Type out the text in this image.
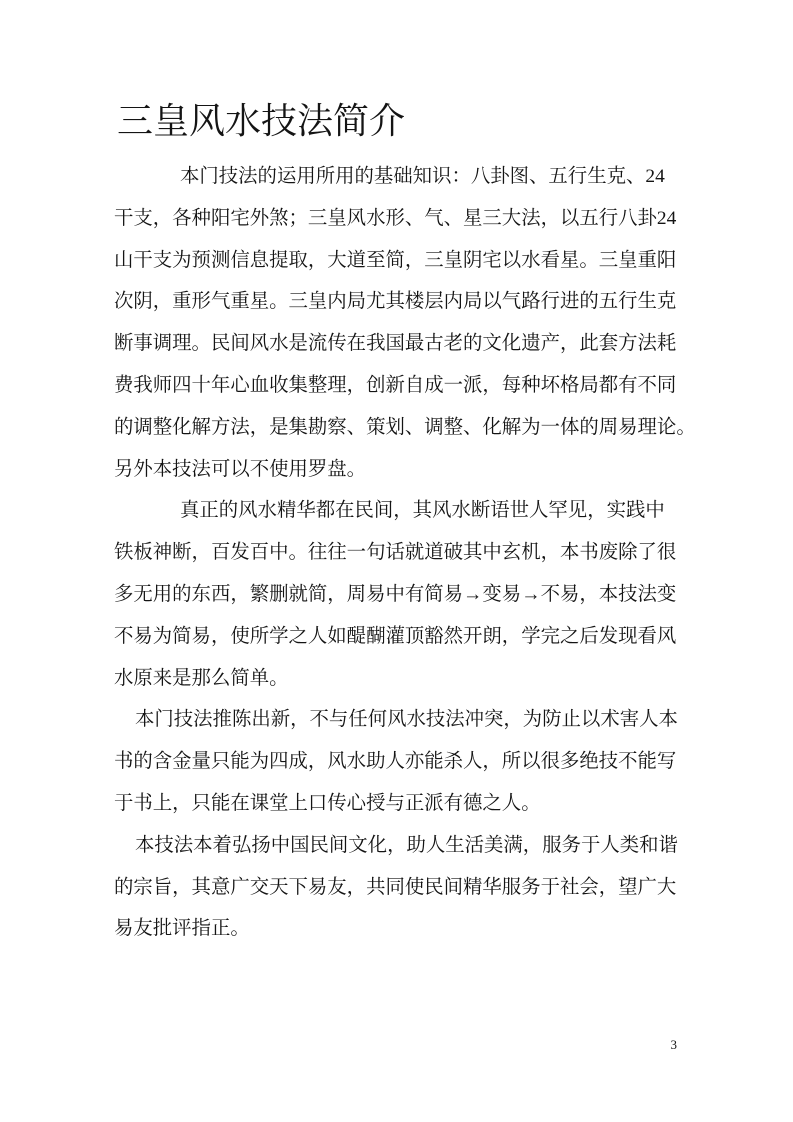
三皇风水技法简介
本门技法的运用所用的基础知识：八卦图、五行生克、24
干支，各种阳宅外煞；三皇风水形、气、星三大法，以五行八卦24
山干支为预测信息提取，大道至简，三皇阴宅以水看星。三皇重阳
次阴，重形气重星。三皇内局尤其楼层内局以气路行进的五行生克
断事调理。民间风水是流传在我国最古老的文化遗产，此套方法耗
费我师四十年心血收集整理，创新自成一派，每种坏格局都有不同
的调整化解方法，是集勘察、策划、调整、化解为一体的周易理论。
另外本技法可以不使用罗盘。
真正的风水精华都在民间，其风水断语世人罕见，实践中
铁板神断，百发百中。往往一句话就道破其中玄机，本书废除了很
多无用的东西，繁删就简，周易中有简易→变易→不易，本技法变
不易为简易，使所学之人如醍醐灌顶豁然开朗，学完之后发现看风
水原来是那么简单。
本门技法推陈出新，不与任何风水技法冲突，为防止以术害人本
书的含金量只能为四成，风水助人亦能杀人，所以很多绝技不能写
于书上，只能在课堂上口传心授与正派有德之人。
本技法本着弘扬中国民间文化，助人生活美满，服务于人类和谐
的宗旨，其意广交天下易友，共同使民间精华服务于社会，望广大
易友批评指正。
3
